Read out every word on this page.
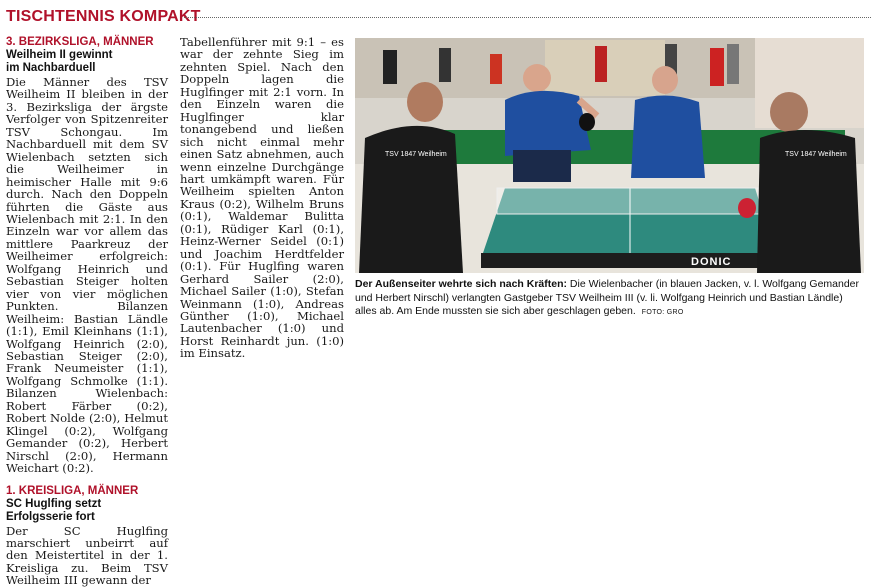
TISCHTENNIS KOMPAKT
3. BEZIRKSLIGA, MÄNNER
Weilheim II gewinnt
im Nachbarduell

Die Männer des TSV Weilheim II bleiben in der 3. Bezirksliga der ärgste Verfolger von Spitzenreiter TSV Schongau. Im Nachbarduell mit dem SV Wielenbach setzten sich die Weilheimer in heimischer Halle mit 9:6 durch. Nach den Doppeln führten die Gäste aus Wielenbach mit 2:1. In den Einzeln war vor allem das mittlere Paarkreuz der Weilheimer erfolgreich: Wolfgang Heinrich und Sebastian Steiger holten vier von vier möglichen Punkten. Bilanzen Weilheim: Bastian Ländle (1:1), Emil Kleinhans (1:1), Wolfgang Heinrich (2:0), Sebastian Steiger (2:0), Frank Neumeister (1:1), Wolfgang Schmolke (1:1). Bilanzen Wielenbach: Robert Färber (0:2), Robert Nolde (2:0), Helmut Klingel (0:2), Wolfgang Gemander (0:2), Herbert Nirschl (2:0), Hermann Weichart (0:2).

1. KREISLIGA, MÄNNER
SC Huglfing setzt
Erfolgsserie fort

Der SC Huglfing marschiert unbeirrt auf den Meistertitel in der 1. Kreisliga zu. Beim TSV Weilheim III gewann der

Tabellenführer mit 9:1 – es war der zehnte Sieg im zehnten Spiel. Nach den Doppeln lagen die Huglfinger mit 2:1 vorn. In den Einzeln waren die Huglfinger klar tonangebend und ließen sich nicht einmal mehr einen Satz abnehmen, auch wenn einzelne Durchgänge hart umkämpft waren. Für Weilheim spielten Anton Kraus (0:2), Wilhelm Bruns (0:1), Waldemar Bulitta (0:1), Rüdiger Karl (0:1), Heinz-Werner Seidel (0:1) und Joachim Herdtfelder (0:1). Für Huglfing waren Gerhard Sailer (2:0), Michael Sailer (1:0), Stefan Weinmann (1:0), Andreas Günther (1:0), Michael Lautenbacher (1:0) und Horst Reinhardt jun. (1:0) im Einsatz.

DONIC
TSV 1847 Weilheim	TSV 1847 Weilheim
Der Außenseiter wehrte sich nach Kräften: Die Wielenbacher (in blauen Jacken, v. l. Wolfgang Gemander und Herbert Nirschl) verlangten Gastgeber TSV Weilheim III (v. li. Wolfgang Heinrich und Bastian Ländle) alles ab. Am Ende mussten sie sich aber geschlagen geben. FOTO: GRO
